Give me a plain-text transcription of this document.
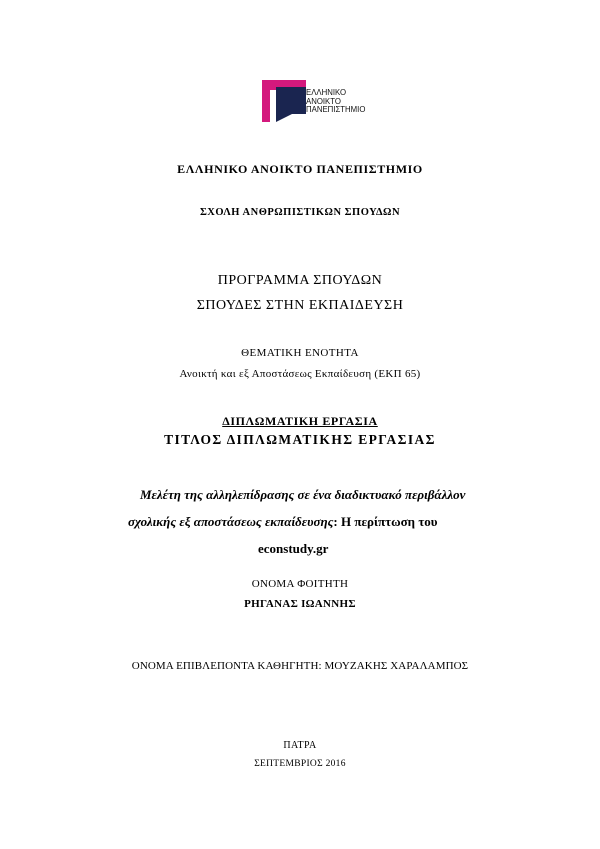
ΕΛΛΗΝΙΚΟ
ΑΝΟΙΚΤΟ
ΠΑΝΕΠΙΣΤΗΜΙΟ
ΕΛΛΗΝΙΚΟ ΑΝΟΙΚΤΟ ΠΑΝΕΠΙΣΤΗΜΙΟ
ΣΧΟΛΗ ΑΝΘΡΩΠΙΣΤΙΚΩΝ ΣΠΟΥΔΩΝ
ΠΡΟΓΡΑΜΜΑ ΣΠΟΥΔΩΝ
ΣΠΟΥΔΕΣ ΣΤΗΝ ΕΚΠΑΙΔΕΥΣΗ
ΘΕΜΑΤΙΚΗ ΕΝΟΤΗΤΑ
Ανοικτή και εξ Αποστάσεως Εκπαίδευση (ΕΚΠ 65)
ΔΙΠΛΩΜΑΤΙΚΗ ΕΡΓΑΣΙΑ
ΤΙΤΛΟΣ ΔΙΠΛΩΜΑΤΙΚΗΣ ΕΡΓΑΣΙΑΣ
Μελέτη της αλληλεπίδρασης σε ένα διαδικτυακό περιβάλλον
σχολικής εξ αποστάσεως εκπαίδευσης: Η περίπτωση του
econstudy.gr
ΟΝΟΜΑ ΦΟΙΤΗΤΗ
ΡΗΓΑΝΑΣ ΙΩΑΝΝΗΣ
ΟΝΟΜΑ ΕΠΙΒΛΕΠΟΝΤΑ ΚΑΘΗΓΗΤΗ: ΜΟΥΖΑΚΗΣ ΧΑΡΑΛΑΜΠΟΣ
ΠΑΤΡΑ
ΣΕΠΤΕΜΒΡΙΟΣ 2016
